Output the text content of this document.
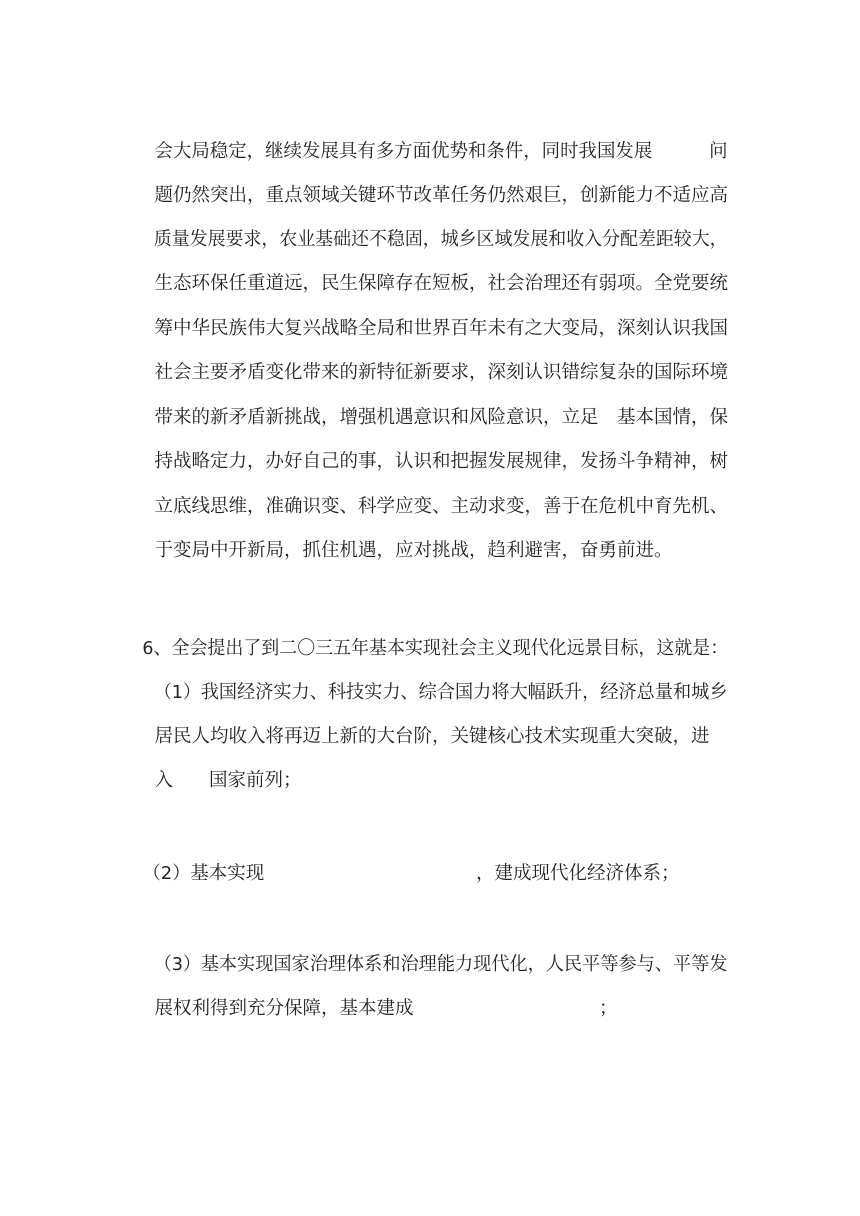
会大局稳定，继续发展具有多方面优势和条件，同时我国发展	问

题仍然突出，重点领域关键环节改革任务仍然艰巨，创新能力不适应高

质量发展要求，农业基础还不稳固，城乡区域发展和收入分配差距较大，

生态环保任重道远，民生保障存在短板，社会治理还有弱项。全党要统

筹中华民族伟大复兴战略全局和世界百年未有之大变局，深刻认识我国

社会主要矛盾变化带来的新特征新要求，深刻认识错综复杂的国际环境

带来的新矛盾新挑战，增强机遇意识和风险意识，立足 基本国情，保

持战略定力，办好自己的事，认识和把握发展规律，发扬斗争精神，树

立底线思维，准确识变、科学应变、主动求变，善于在危机中育先机、

于变局中开新局，抓住机遇，应对挑战，趋利避害，奋勇前进。

6、全会提出了到二〇三五年基本实现社会主义现代化远景目标，这就是：

（1）我国经济实力、科技实力、综合国力将大幅跃升，经济总量和城乡

居民人均收入将再迈上新的大台阶，关键核心技术实现重大突破，进

入 国家前列；

（2）基本实现	，建成现代化经济体系；

（3）基本实现国家治理体系和治理能力现代化，人民平等参与、平等发

展权利得到充分保障，基本建成	；
